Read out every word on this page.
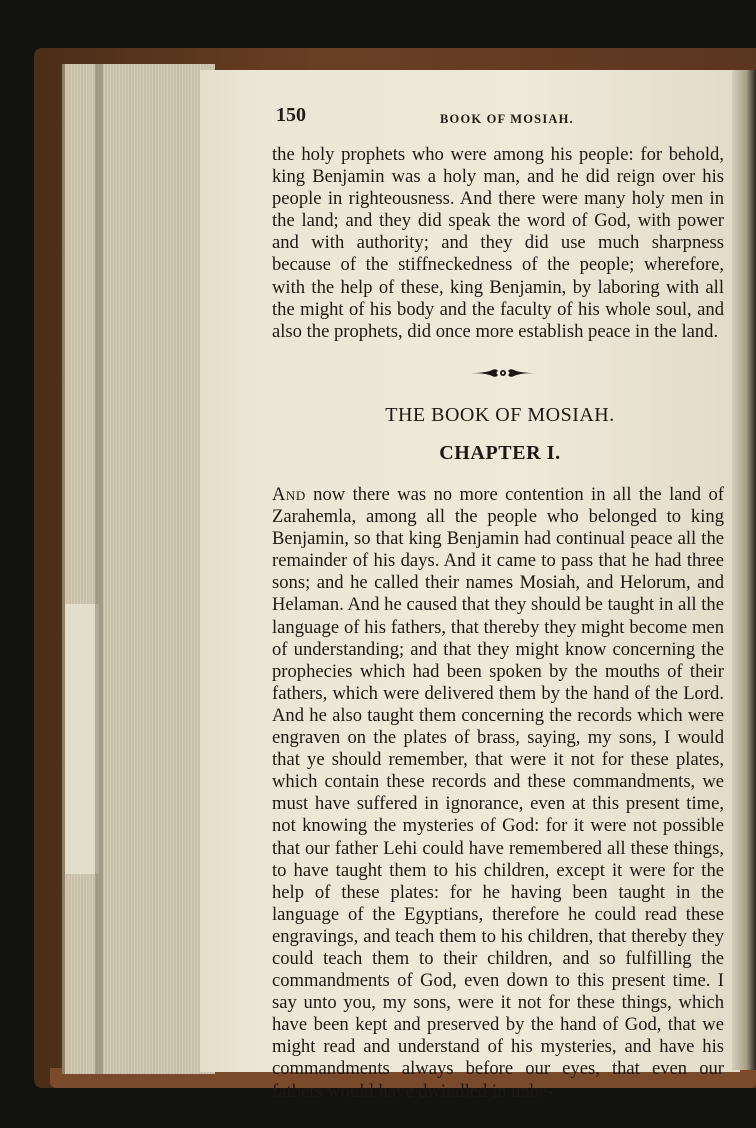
150	BOOK OF MOSIAH.

the holy prophets who were among his people: for behold, king Benjamin was a holy man, and he did reign over his people in righteousness. And there were many holy men in the land; and they did speak the word of God, with power and with authority; and they did use much sharpness because of the stiffneckedness of the people; wherefore, with the help of these, king Benjamin, by laboring with all the might of his body and the faculty of his whole soul, and also the prophets, did once more establish peace in the land.

THE BOOK OF MOSIAH.
CHAPTER I.

And now there was no more contention in all the land of Zarahemla, among all the people who belonged to king Benjamin, so that king Benjamin had continual peace all the remainder of his days. And it came to pass that he had three sons; and he called their names Mosiah, and Helorum, and Helaman. And he caused that they should be taught in all the language of his fathers, that thereby they might become men of understanding; and that they might know concerning the prophecies which had been spoken by the mouths of their fathers, which were delivered them by the hand of the Lord. And he also taught them concerning the records which were engraven on the plates of brass, saying, my sons, I would that ye should remember, that were it not for these plates, which contain these records and these commandments, we must have suffered in ignorance, even at this present time, not knowing the mysteries of God: for it were not possible that our father Lehi could have remembered all these things, to have taught them to his children, except it were for the help of these plates: for he having been taught in the language of the Egyptians, therefore he could read these engravings, and teach them to his children, that thereby they could teach them to their children, and so fulfilling the commandments of God, even down to this present time. I say unto you, my sons, were it not for these things, which have been kept and preserved by the hand of God, that we might read and understand of his mysteries, and have his commandments always before our eyes, that even our fathers would have dwindled in unbe-
